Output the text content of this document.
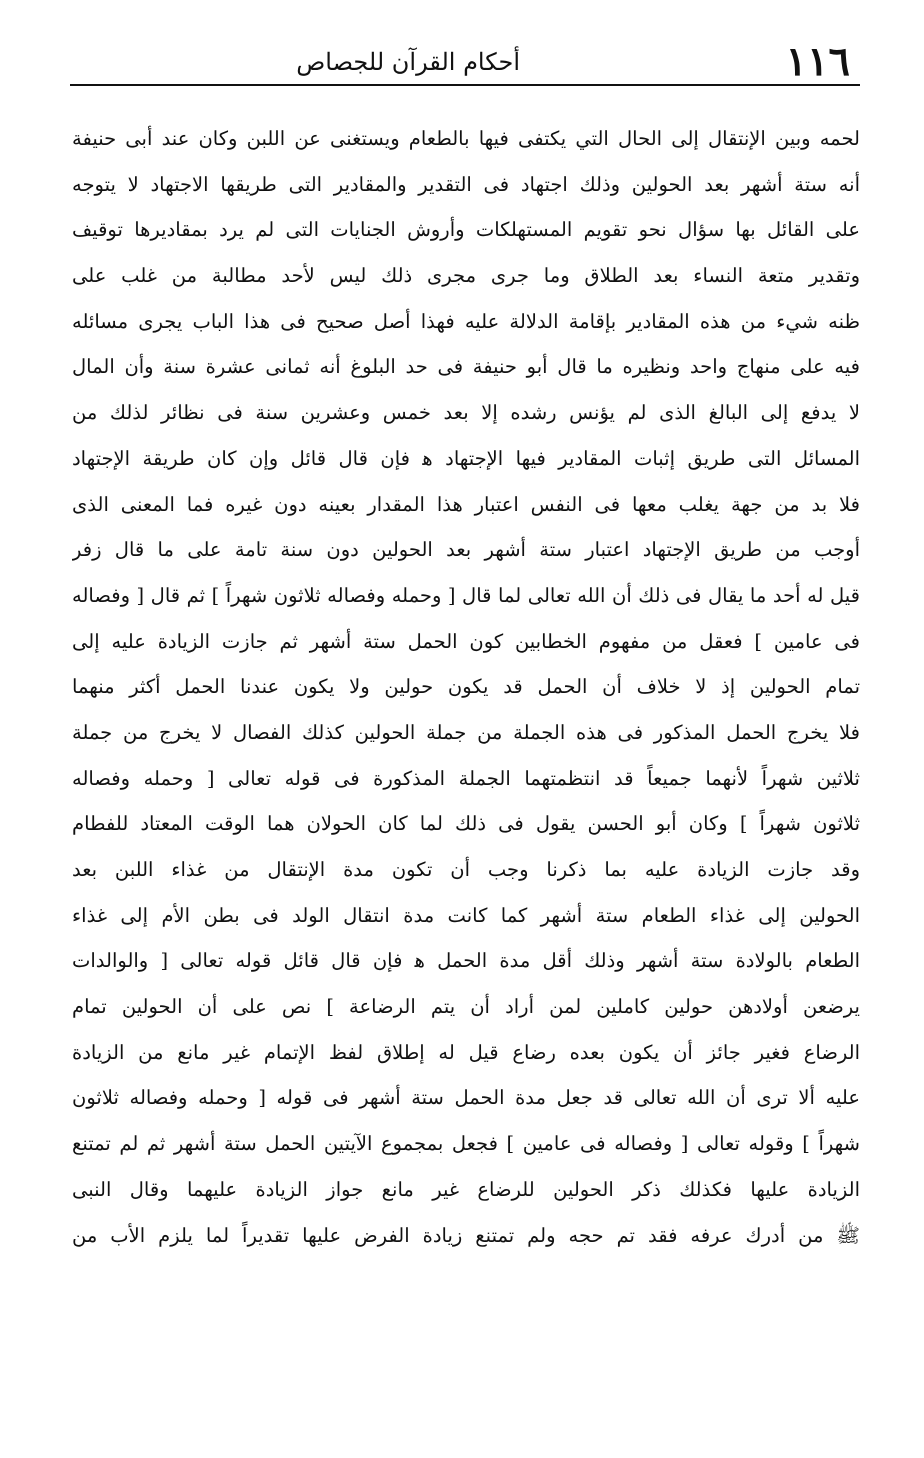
١١٦
أحكام القرآن للجصاص
لحمه وبين الإنتقال إلى الحال التي يكتفى فيها بالطعام ويستغنى عن اللبن وكان عند أبى حنيفة
أنه ستة أشهر بعد الحولين وذلك اجتهاد فى التقدير والمقادير التى طريقها الاجتهاد لا يتوجه
على القائل بها سؤال نحو تقويم المستهلكات وأروش الجنايات التى لم يرد بمقاديرها توقيف
وتقدير متعة النساء بعد الطلاق وما جرى مجرى ذلك ليس لأحد مطالبة من غلب على
ظنه شيء من هذه المقادير بإقامة الدلالة عليه فهذا أصل صحيح فى هذا الباب يجرى مسائله
فيه على منهاج واحد ونظيره ما قال أبو حنيفة فى حد البلوغ أنه ثمانى عشرة سنة وأن المال
لا يدفع إلى البالغ الذى لم يؤنس رشده إلا بعد خمس وعشرين سنة فى نظائر لذلك من
المسائل التى طريق إثبات المقادير فيها الإجتهاد ﻫ فإن قال قائل وإن كان طريقة الإجتهاد
فلا بد من جهة يغلب معها فى النفس اعتبار هذا المقدار بعينه دون غيره فما المعنى الذى
أوجب من طريق الإجتهاد اعتبار ستة أشهر بعد الحولين دون سنة تامة على ما قال زفر
قيل له أحد ما يقال فى ذلك أن الله تعالى لما قال [ وحمله وفصاله ثلاثون شهراً ] ثم قال [ وفصاله
فى عامين ] فعقل من مفهوم الخطابين كون الحمل ستة أشهر ثم جازت الزيادة عليه إلى
تمام الحولين إذ لا خلاف أن الحمل قد يكون حولين ولا يكون عندنا الحمل أكثر منهما
فلا يخرج الحمل المذكور فى هذه الجملة من جملة الحولين كذلك الفصال لا يخرج من جملة
ثلاثين شهراً لأنهما جميعاً قد انتظمتهما الجملة المذكورة فى قوله تعالى [ وحمله وفصاله
ثلاثون شهراً ] وكان أبو الحسن يقول فى ذلك لما كان الحولان هما الوقت المعتاد للفطام
وقد جازت الزيادة عليه بما ذكرنا وجب أن تكون مدة الإنتقال من غذاء اللبن بعد
الحولين إلى غذاء الطعام ستة أشهر كما كانت مدة انتقال الولد فى بطن الأم إلى غذاء
الطعام بالولادة ستة أشهر وذلك أقل مدة الحمل ﻫ فإن قال قائل قوله تعالى [ والوالدات
يرضعن أولادهن حولين كاملين لمن أراد أن يتم الرضاعة ] نص على أن الحولين تمام
الرضاع فغير جائز أن يكون بعده رضاع قيل له إطلاق لفظ الإتمام غير مانع من الزيادة
عليه ألا ترى أن الله تعالى قد جعل مدة الحمل ستة أشهر فى قوله [ وحمله وفصاله ثلاثون
شهراً ] وقوله تعالى [ وفصاله فى عامين ] فجعل بمجموع الآيتين الحمل ستة أشهر ثم لم تمتنع
الزيادة عليها فكذلك ذكر الحولين للرضاع غير مانع جواز الزيادة عليهما وقال النبى
ﷺ من أدرك عرفه فقد تم حجه ولم تمتنع زيادة الفرض عليها تقديراً لما يلزم الأب من
